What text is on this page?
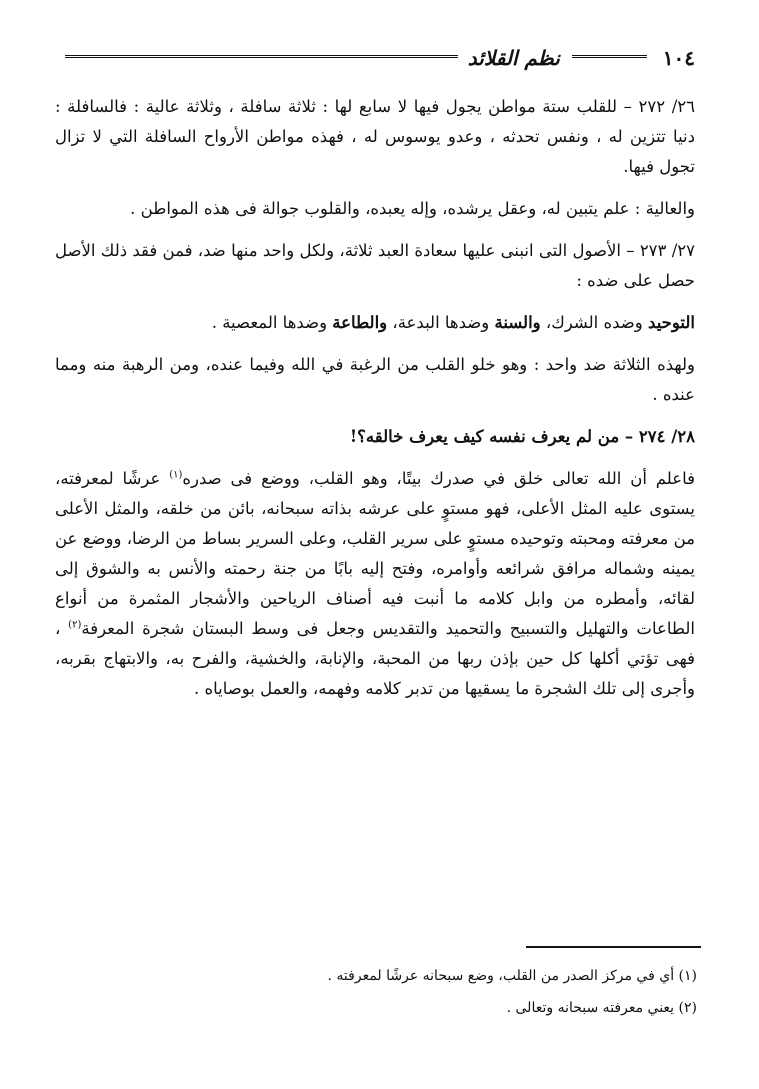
١٠٤
نظم القلائد

٢٦/ ٢٧٢ – للقلب ستة مواطن يجول فيها لا سابع لها : ثلاثة سافلة ، وثلاثة عالية : فالسافلة : دنيا تتزين له ، ونفس تحدثه ، وعدو يوسوس له ، فهذه مواطن الأرواح السافلة التي لا تزال تجول فيها.

والعالية : علم يتبين له، وعقل يرشده، وإله يعبده، والقلوب جوالة فى هذه المواطن .

٢٧/ ٢٧٣ – الأصول التى انبنى عليها سعادة العبد ثلاثة، ولكل واحد منها ضد، فمن فقد ذلك الأصل حصل على ضده :

التوحيد وضده الشرك، والسنة وضدها البدعة، والطاعة وضدها المعصية .

ولهذه الثلاثة ضد واحد : وهو خلو القلب من الرغبة في الله وفيما عنده، ومن الرهبة منه ومما عنده .

٢٨/ ٢٧٤ – من لم يعرف نفسه كيف يعرف خالقه؟!

فاعلم أن الله تعالى خلق في صدرك بيتًا، وهو القلب، ووضع فى صدره$^{(١)}$ عرشًا لمعرفته، يستوى عليه المثل الأعلى، فهو مستوٍ على عرشه بذاته سبحانه، بائن من خلقه، والمثل الأعلى من معرفته ومحبته وتوحيده مستوٍ على سرير القلب، وعلى السرير بساط من الرضا، ووضع عن يمينه وشماله مرافق شرائعه وأوامره، وفتح إليه بابًا من جنة رحمته والأنس به والشوق إلى لقائه، وأمطره من وابل كلامه ما أنبت فيه أصناف الرياحين والأشجار المثمرة من أنواع الطاعات والتهليل والتسبيح والتحميد والتقديس وجعل فى وسط البستان شجرة المعرفة$^{(٢)}$ ، فهى تؤتي أكلها كل حين بإذن ربها من المحبة، والإنابة، والخشية، والفرح به، والابتهاج بقربه، وأجرى إلى تلك الشجرة ما يسقيها من تدبر كلامه وفهمه، والعمل بوصاياه .

(١) أي في مركز الصدر من القلب، وضع سبحانه عرشًا لمعرفته .
(٢) يعني معرفته سبحانه وتعالى .
